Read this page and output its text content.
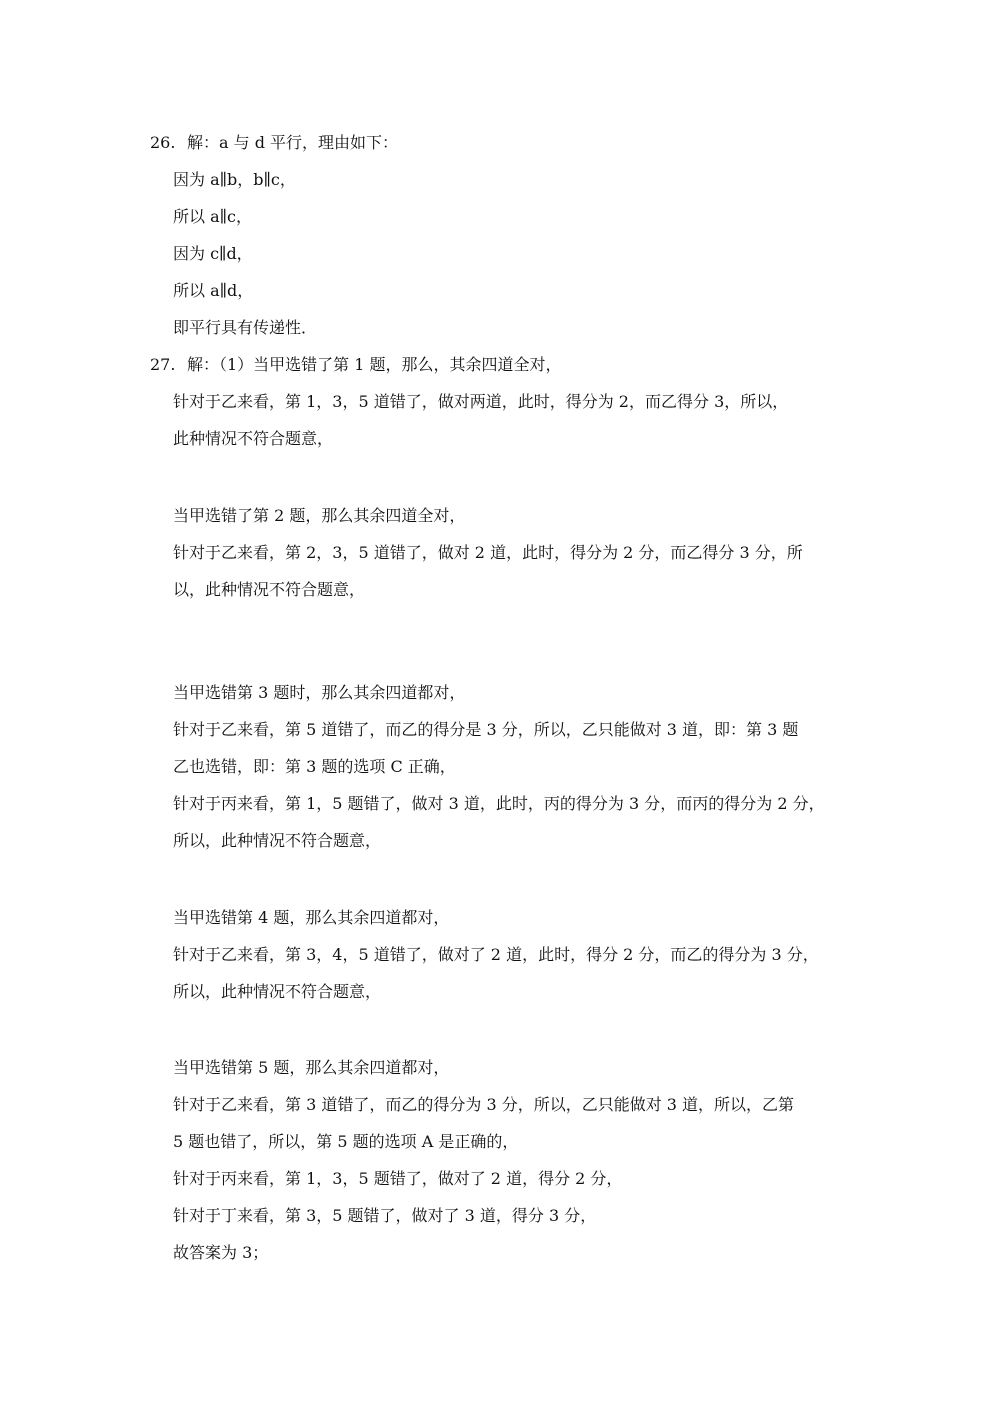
26. 解：a 与 d 平行，理由如下：
因为 a∥b，b∥c，
所以 a∥c，
因为 c∥d，
所以 a∥d，
即平行具有传递性．
27. 解：（1）当甲选错了第 1 题，那么，其余四道全对，
针对于乙来看，第 1，3，5 道错了，做对两道，此时，得分为 2，而乙得分 3，所以，
此种情况不符合题意，
当甲选错了第 2 题，那么其余四道全对，
针对于乙来看，第 2，3，5 道错了，做对 2 道，此时，得分为 2 分，而乙得分 3 分，所
以，此种情况不符合题意，
当甲选错第 3 题时，那么其余四道都对，
针对于乙来看，第 5 道错了，而乙的得分是 3 分，所以，乙只能做对 3 道，即：第 3 题
乙也选错，即：第 3 题的选项 C 正确，
针对于丙来看，第 1，5 题错了，做对 3 道，此时，丙的得分为 3 分，而丙的得分为 2 分，
所以，此种情况不符合题意，
当甲选错第 4 题，那么其余四道都对，
针对于乙来看，第 3，4，5 道错了，做对了 2 道，此时，得分 2 分，而乙的得分为 3 分，
所以，此种情况不符合题意，
当甲选错第 5 题，那么其余四道都对，
针对于乙来看，第 3 道错了，而乙的得分为 3 分，所以，乙只能做对 3 道，所以，乙第
5 题也错了，所以，第 5 题的选项 A 是正确的，
针对于丙来看，第 1，3，5 题错了，做对了 2 道，得分 2 分，
针对于丁来看，第 3，5 题错了，做对了 3 道，得分 3 分，
故答案为 3；
